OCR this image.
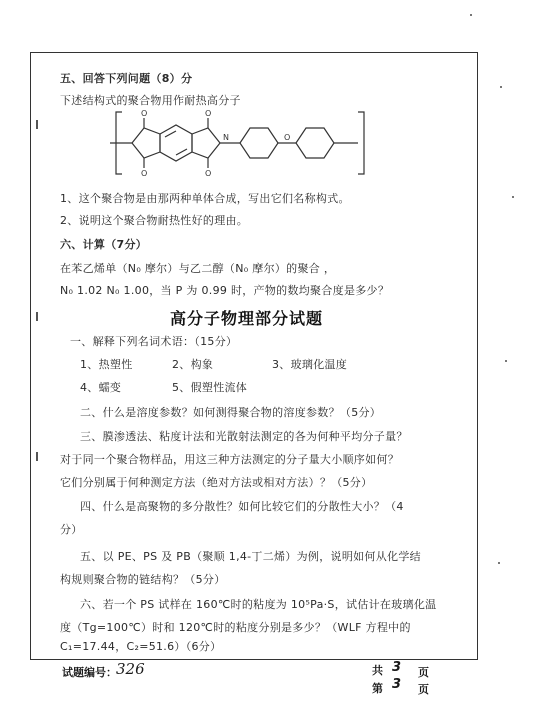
五、回答下列问题（8）分
下述结构式的聚合物用作耐热高分子
O
O
O
O
N	O
1、这个聚合物是由那两种单体合成，写出它们名称构式。
2、说明这个聚合物耐热性好的理由。
六、计算（7分）
在苯乙烯单（N₀ 摩尔）与乙二醇（N₀ 摩尔）的聚合 ，
N₀ 1.02 N₀ 1.00，当 P 为 0.99 时，产物的数均聚合度是多少？
高分子物理部分试题
一、解释下列名词术语：（15分）
1、热塑性	2、构象	3、玻璃化温度
4、蠕变	5、假塑性流体
二、什么是溶度参数？如何测得聚合物的溶度参数？（5分）
三、膜渗透法、粘度计法和光散射法测定的各为何种平均分子量？
对于同一个聚合物样品，用这三种方法测定的分子量大小顺序如何？
它们分别属于何种测定方法（绝对方法或相对方法）？（5分）
四、什么是高聚物的多分散性？如何比较它们的分散性大小？（4
分）
五、以 PE、PS 及 PB（聚顺 1,4-丁二烯）为例，说明如何从化学结
构规则聚合物的链结构？（5分）
六、若一个 PS 试样在 160℃时的粘度为 10⁵Pa·S，试估计在玻璃化温
度（Tg=100℃）时和 120℃时的粘度分别是多少？（WLF 方程中的
C₁=17.44，C₂=51.6）（6分）
试题编号： 326	共 3 页
第 3 页
